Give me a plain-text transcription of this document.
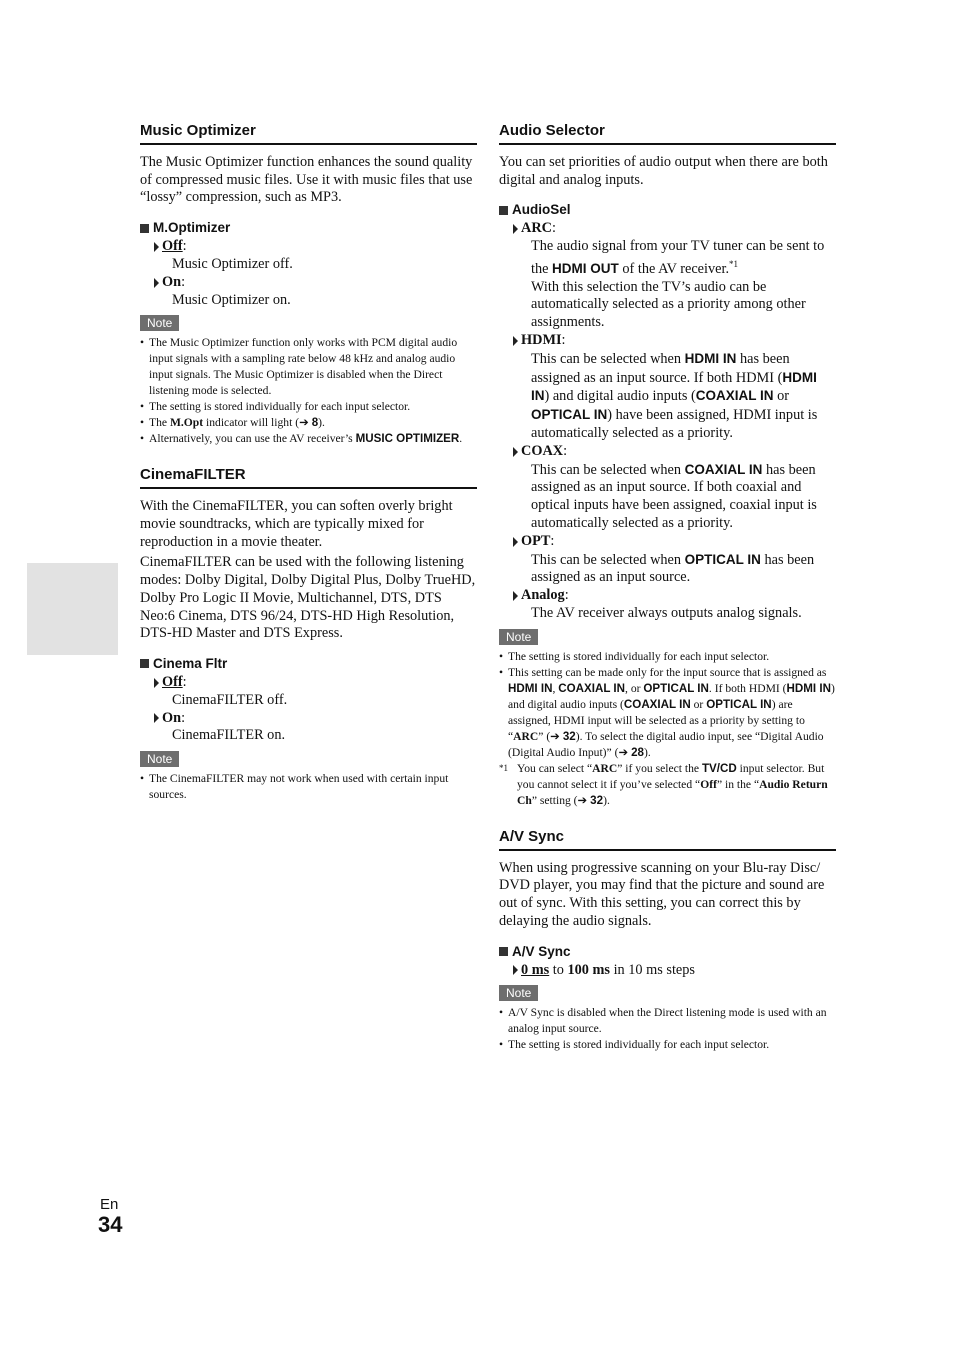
Music Optimizer
The Music Optimizer function enhances the sound quality of compressed music files. Use it with music files that use “lossy” compression, such as MP3.
M.Optimizer
Off :
Music Optimizer off.
On :
Music Optimizer on.
Note
• The Music Optimizer function only works with PCM digital audio input signals with a sampling rate below 48 kHz and analog audio input signals. The Music Optimizer is disabled when the Direct listening mode is selected.
• The setting is stored individually for each input selector.
• The M.Opt indicator will light (➔ 8).
• Alternatively, you can use the AV receiver’s MUSIC OPTIMIZER.
CinemaFILTER
With the CinemaFILTER, you can soften overly bright movie soundtracks, which are typically mixed for reproduction in a movie theater.
CinemaFILTER can be used with the following listening modes: Dolby Digital, Dolby Digital Plus, Dolby TrueHD, Dolby Pro Logic II Movie, Multichannel, DTS, DTS Neo:6 Cinema, DTS 96/24, DTS-HD High Resolution, DTS-HD Master and DTS Express.
Cinema Fltr
Off :
CinemaFILTER off.
On :
CinemaFILTER on.
Note
• The CinemaFILTER may not work when used with certain input sources.
Audio Selector
You can set priorities of audio output when there are both digital and analog inputs.
AudioSel
ARC :
The audio signal from your TV tuner can be sent to the HDMI OUT of the AV receiver.$^{*1}$
With this selection the TV’s audio can be automatically selected as a priority among other assignments.
HDMI :
This can be selected when HDMI IN has been assigned as an input source. If both HDMI (HDMI IN) and digital audio inputs (COAXIAL IN or OPTICAL IN) have been assigned, HDMI input is automatically selected as a priority.
COAX :
This can be selected when COAXIAL IN has been assigned as an input source. If both coaxial and optical inputs have been assigned, coaxial input is automatically selected as a priority.
OPT :
This can be selected when OPTICAL IN has been assigned as an input source.
Analog :
The AV receiver always outputs analog signals.
Note
• The setting is stored individually for each input selector.
• This setting can be made only for the input source that is assigned as HDMI IN, COAXIAL IN, or OPTICAL IN. If both HDMI (HDMI IN) and digital audio inputs (COAXIAL IN or OPTICAL IN) are assigned, HDMI input will be selected as a priority by setting to “ARC” (➔ 32). To select the digital audio input, see “Digital Audio (Digital Audio Input)” (➔ 28).
*1 You can select “ARC” if you select the TV/CD input selector. But you cannot select it if you’ve selected “Off” in the “Audio Return Ch” setting (➔ 32).
A/V Sync
When using progressive scanning on your Blu-ray Disc/ DVD player, you may find that the picture and sound are out of sync. With this setting, you can correct this by delaying the audio signals.
A/V Sync
0 ms
to
100 ms
in 10 ms steps
Note
• A/V Sync is disabled when the Direct listening mode is used with an analog input source.
• The setting is stored individually for each input selector.
En
34
